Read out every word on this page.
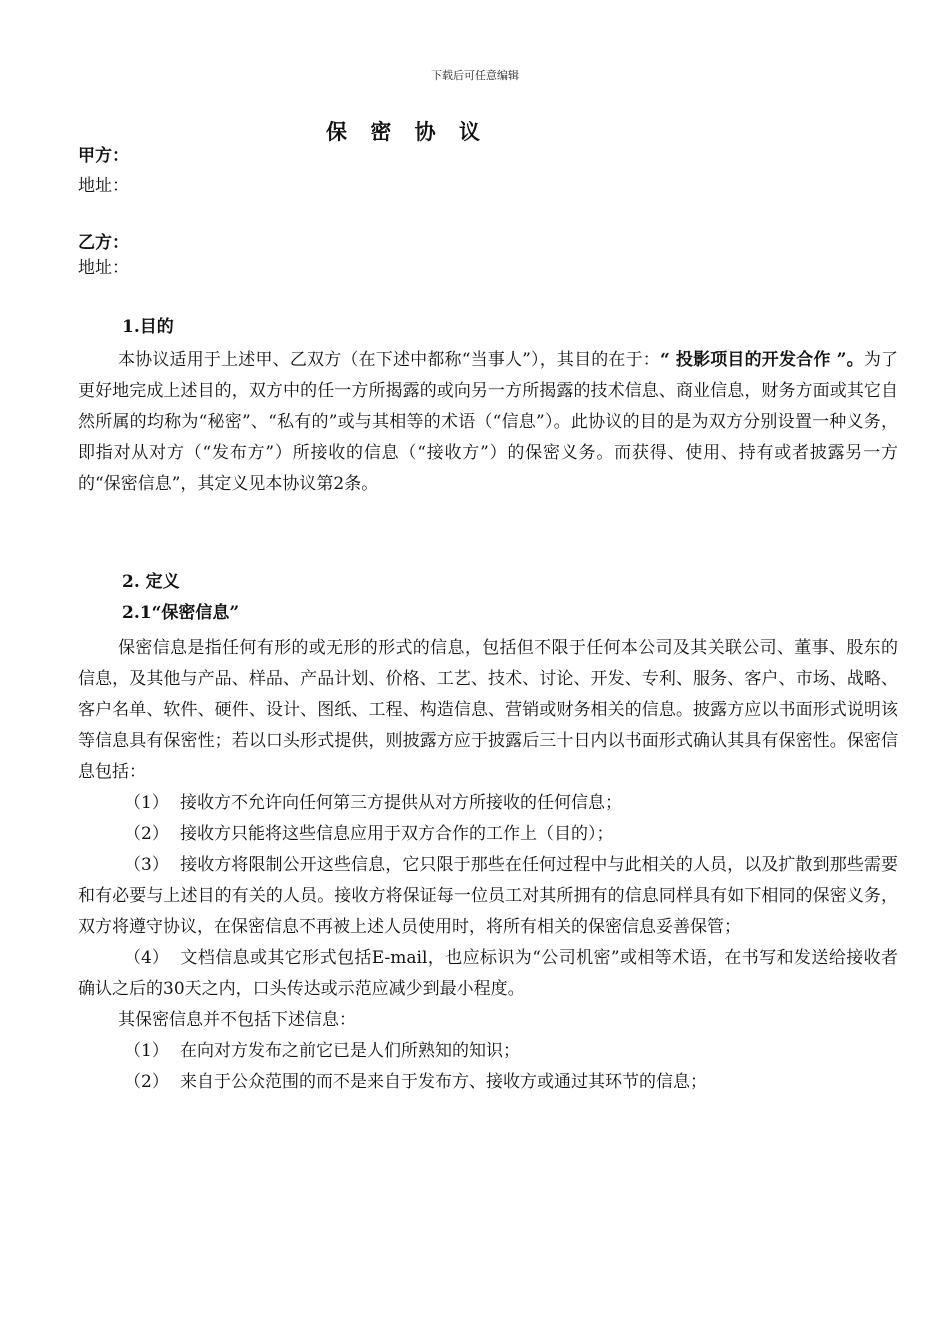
下载后可任意编辑
保 密 协 议
甲方：
地址：
乙方：
地址：

1.目的

本协议适用于上述甲、乙双方（在下述中都称“当事人”），其目的在于：“ 投影项目的开发合作 ”。为了更好地完成上述目的，双方中的任一方所揭露的或向另一方所揭露的技术信息、商业信息，财务方面或其它自然所属的均称为“秘密”、“私有的”或与其相等的术语（“信息”）。此协议的目的是为双方分别设置一种义务，即指对从对方（“发布方”）所接收的信息（“接收方”）的保密义务。而获得、使用、持有或者披露另一方的“保密信息”，其定义见本协议第2条。

2. 定义

2.1“保密信息”

保密信息是指任何有形的或无形的形式的信息，包括但不限于任何本公司及其关联公司、董事、股东的信息，及其他与产品、样品、产品计划、价格、工艺、技术、讨论、开发、专利、服务、客户、市场、战略、客户名单、软件、硬件、设计、图纸、工程、构造信息、营销或财务相关的信息。披露方应以书面形式说明该等信息具有保密性；若以口头形式提供，则披露方应于披露后三十日内以书面形式确认其具有保密性。保密信息包括：

（1） 接收方不允许向任何第三方提供从对方所接收的任何信息；

（2） 接收方只能将这些信息应用于双方合作的工作上（目的）；

（3） 接收方将限制公开这些信息，它只限于那些在任何过程中与此相关的人员，以及扩散到那些需要和有必要与上述目的有关的人员。接收方将保证每一位员工对其所拥有的信息同样具有如下相同的保密义务，双方将遵守协议，在保密信息不再被上述人员使用时，将所有相关的保密信息妥善保管；

（4） 文档信息或其它形式包括E-mail，也应标识为“公司机密”或相等术语，在书写和发送给接收者确认之后的30天之内，口头传达或示范应减少到最小程度。

其保密信息并不包括下述信息：

（1） 在向对方发布之前它已是人们所熟知的知识；

（2） 来自于公众范围的而不是来自于发布方、接收方或通过其环节的信息；
